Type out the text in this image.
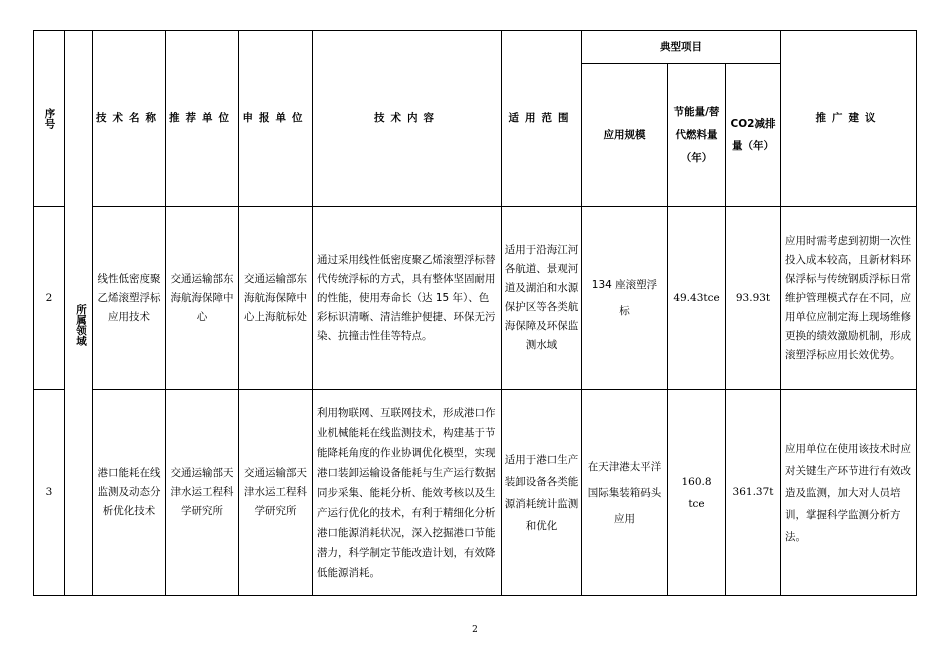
序号	所属领域	技术名称	推荐单位	申报单位	技术内容	适用范围	典型项目			推广建议
							应用规模	节能量/替代燃料量（年）	CO2减排量（年）	
2		线性低密度聚乙烯滚塑浮标应用技术	交通运输部东海航海保障中心	交通运输部东海航海保障中心上海航标处	通过采用线性低密度聚乙烯滚塑浮标替代传统浮标的方式，具有整体坚固耐用的性能，使用寿命长（达 15 年）、色彩标识清晰、清洁维护便捷、环保无污染、抗撞击性佳等特点。	适用于沿海江河各航道、景观河道及湖泊和水源保护区等各类航海保障及环保监测水域	134 座滚塑浮标	49.43tce	93.93t	应用时需考虑到初期一次性投入成本较高，且新材料环保浮标与传统钢质浮标日常维护管理模式存在不同，应用单位应制定海上现场维修更换的绩效激励机制，形成滚塑浮标应用长效优势。
3		港口能耗在线监测及动态分析优化技术	交通运输部天津水运工程科学研究所	交通运输部天津水运工程科学研究所	利用物联网、互联网技术，形成港口作业机械能耗在线监测技术，构建基于节能降耗角度的作业协调优化模型，实现港口装卸运输设备能耗与生产运行数据同步采集、能耗分析、能效考核以及生产运行优化的技术，有利于精细化分析港口能源消耗状况，深入挖掘港口节能潜力，科学制定节能改造计划，有效降低能源消耗。	适用于港口生产装卸设备各类能源消耗统计监测和优化	在天津港太平洋国际集装箱码头应用	160.8 tce	361.37t	应用单位在使用该技术时应对关键生产环节进行有效改造及监测，加大对人员培训，掌握科学监测分析方法。
2
